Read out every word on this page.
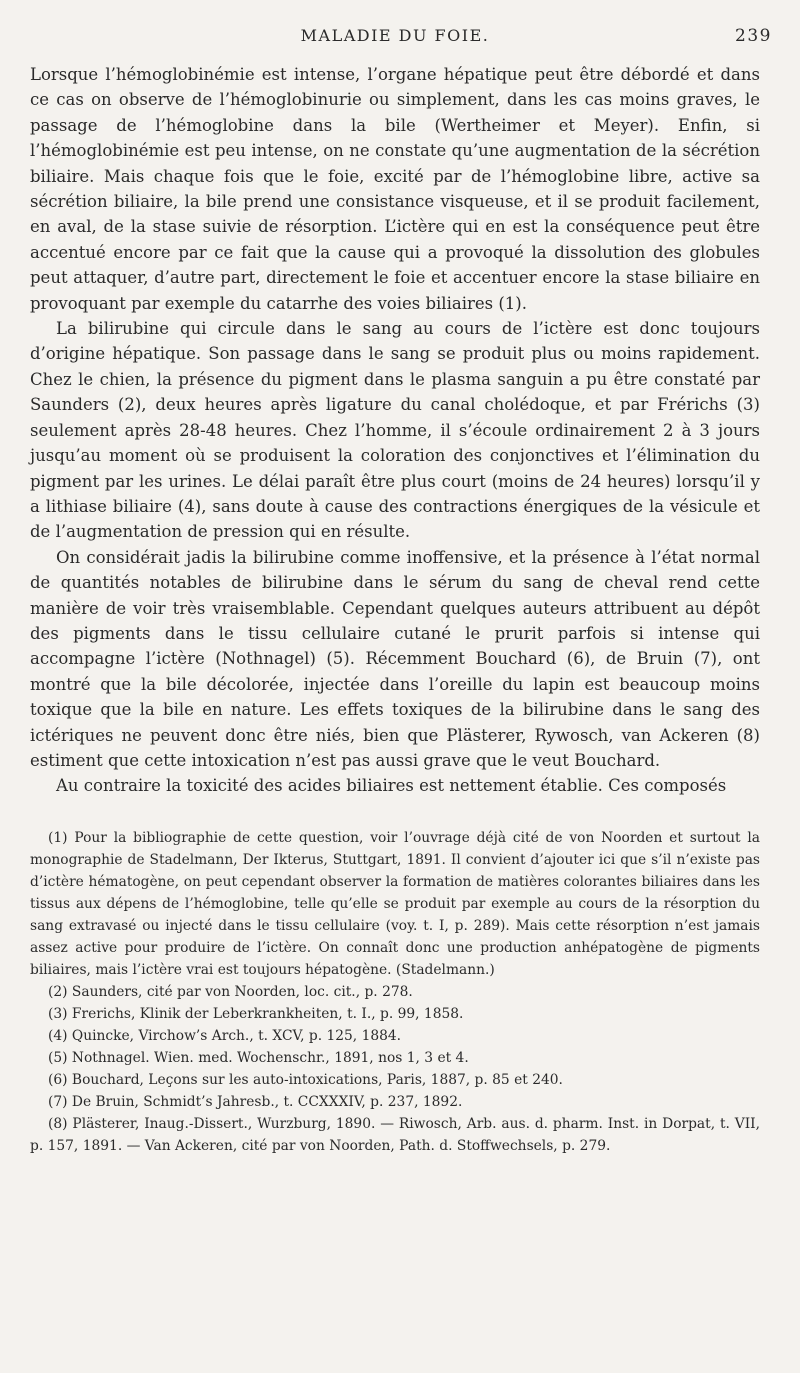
MALADIE DU FOIE.	239

Lorsque l’hémoglobinémie est intense, l’organe hépatique peut être débordé et dans ce cas on observe de l’hémoglobinurie ou simplement, dans les cas moins graves, le passage de l’hémoglobine dans la bile (Wertheimer et Meyer). Enfin, si l’hémoglobinémie est peu intense, on ne constate qu’une augmentation de la sécrétion biliaire. Mais chaque fois que le foie, excité par de l’hémoglobine libre, active sa sécrétion biliaire, la bile prend une consistance visqueuse, et il se produit facilement, en aval, de la stase suivie de résorption. L’ictère qui en est la conséquence peut être accentué encore par ce fait que la cause qui a provoqué la dissolution des globules peut attaquer, d’autre part, directement le foie et accentuer encore la stase biliaire en provoquant par exemple du catarrhe des voies biliaires (1).

La bilirubine qui circule dans le sang au cours de l’ictère est donc toujours d’origine hépatique. Son passage dans le sang se produit plus ou moins rapidement. Chez le chien, la présence du pigment dans le plasma sanguin a pu être constaté par Saunders (2), deux heures après ligature du canal cholédoque, et par Frérichs (3) seulement après 28-48 heures. Chez l’homme, il s’écoule ordinairement 2 à 3 jours jusqu’au moment où se produisent la coloration des conjonctives et l’élimination du pigment par les urines. Le délai paraît être plus court (moins de 24 heures) lorsqu’il y a lithiase biliaire (4), sans doute à cause des contractions énergiques de la vésicule et de l’augmentation de pression qui en résulte.

On considérait jadis la bilirubine comme inoffensive, et la présence à l’état normal de quantités notables de bilirubine dans le sérum du sang de cheval rend cette manière de voir très vraisemblable. Cependant quelques auteurs attribuent au dépôt des pigments dans le tissu cellulaire cutané le prurit parfois si intense qui accompagne l’ictère (Nothnagel) (5). Récemment Bouchard (6), de Bruin (7), ont montré que la bile décolorée, injectée dans l’oreille du lapin est beaucoup moins toxique que la bile en nature. Les effets toxiques de la bilirubine dans le sang des ictériques ne peuvent donc être niés, bien que Plästerer, Rywosch, van Ackeren (8) estiment que cette intoxication n’est pas aussi grave que le veut Bouchard.

Au contraire la toxicité des acides biliaires est nettement établie. Ces composés

(1) Pour la bibliographie de cette question, voir l’ouvrage déjà cité de von Noorden et surtout la monographie de Stadelmann, Der Ikterus, Stuttgart, 1891. Il convient d’ajouter ici que s’il n’existe pas d’ictère hématogène, on peut cependant observer la formation de matières colorantes biliaires dans les tissus aux dépens de l’hémoglobine, telle qu’elle se produit par exemple au cours de la résorption du sang extravasé ou injecté dans le tissu cellulaire (voy. t. I, p. 289). Mais cette résorption n’est jamais assez active pour produire de l’ictère. On connaît donc une production anhépatogène de pigments biliaires, mais l’ictère vrai est toujours hépatogène. (Stadelmann.)

(2) Saunders, cité par von Noorden, loc. cit., p. 278.

(3) Frerichs, Klinik der Leberkrankheiten, t. I., p. 99, 1858.

(4) Quincke, Virchow’s Arch., t. XCV, p. 125, 1884.

(5) Nothnagel. Wien. med. Wochenschr., 1891, nos 1, 3 et 4.

(6) Bouchard, Leçons sur les auto-intoxications, Paris, 1887, p. 85 et 240.

(7) De Bruin, Schmidt’s Jahresb., t. CCXXXIV, p. 237, 1892.

(8) Plästerer, Inaug.-Dissert., Wurzburg, 1890. — Riwosch, Arb. aus. d. pharm. Inst. in Dorpat, t. VII, p. 157, 1891. — Van Ackeren, cité par von Noorden, Path. d. Stoffwechsels, p. 279.
